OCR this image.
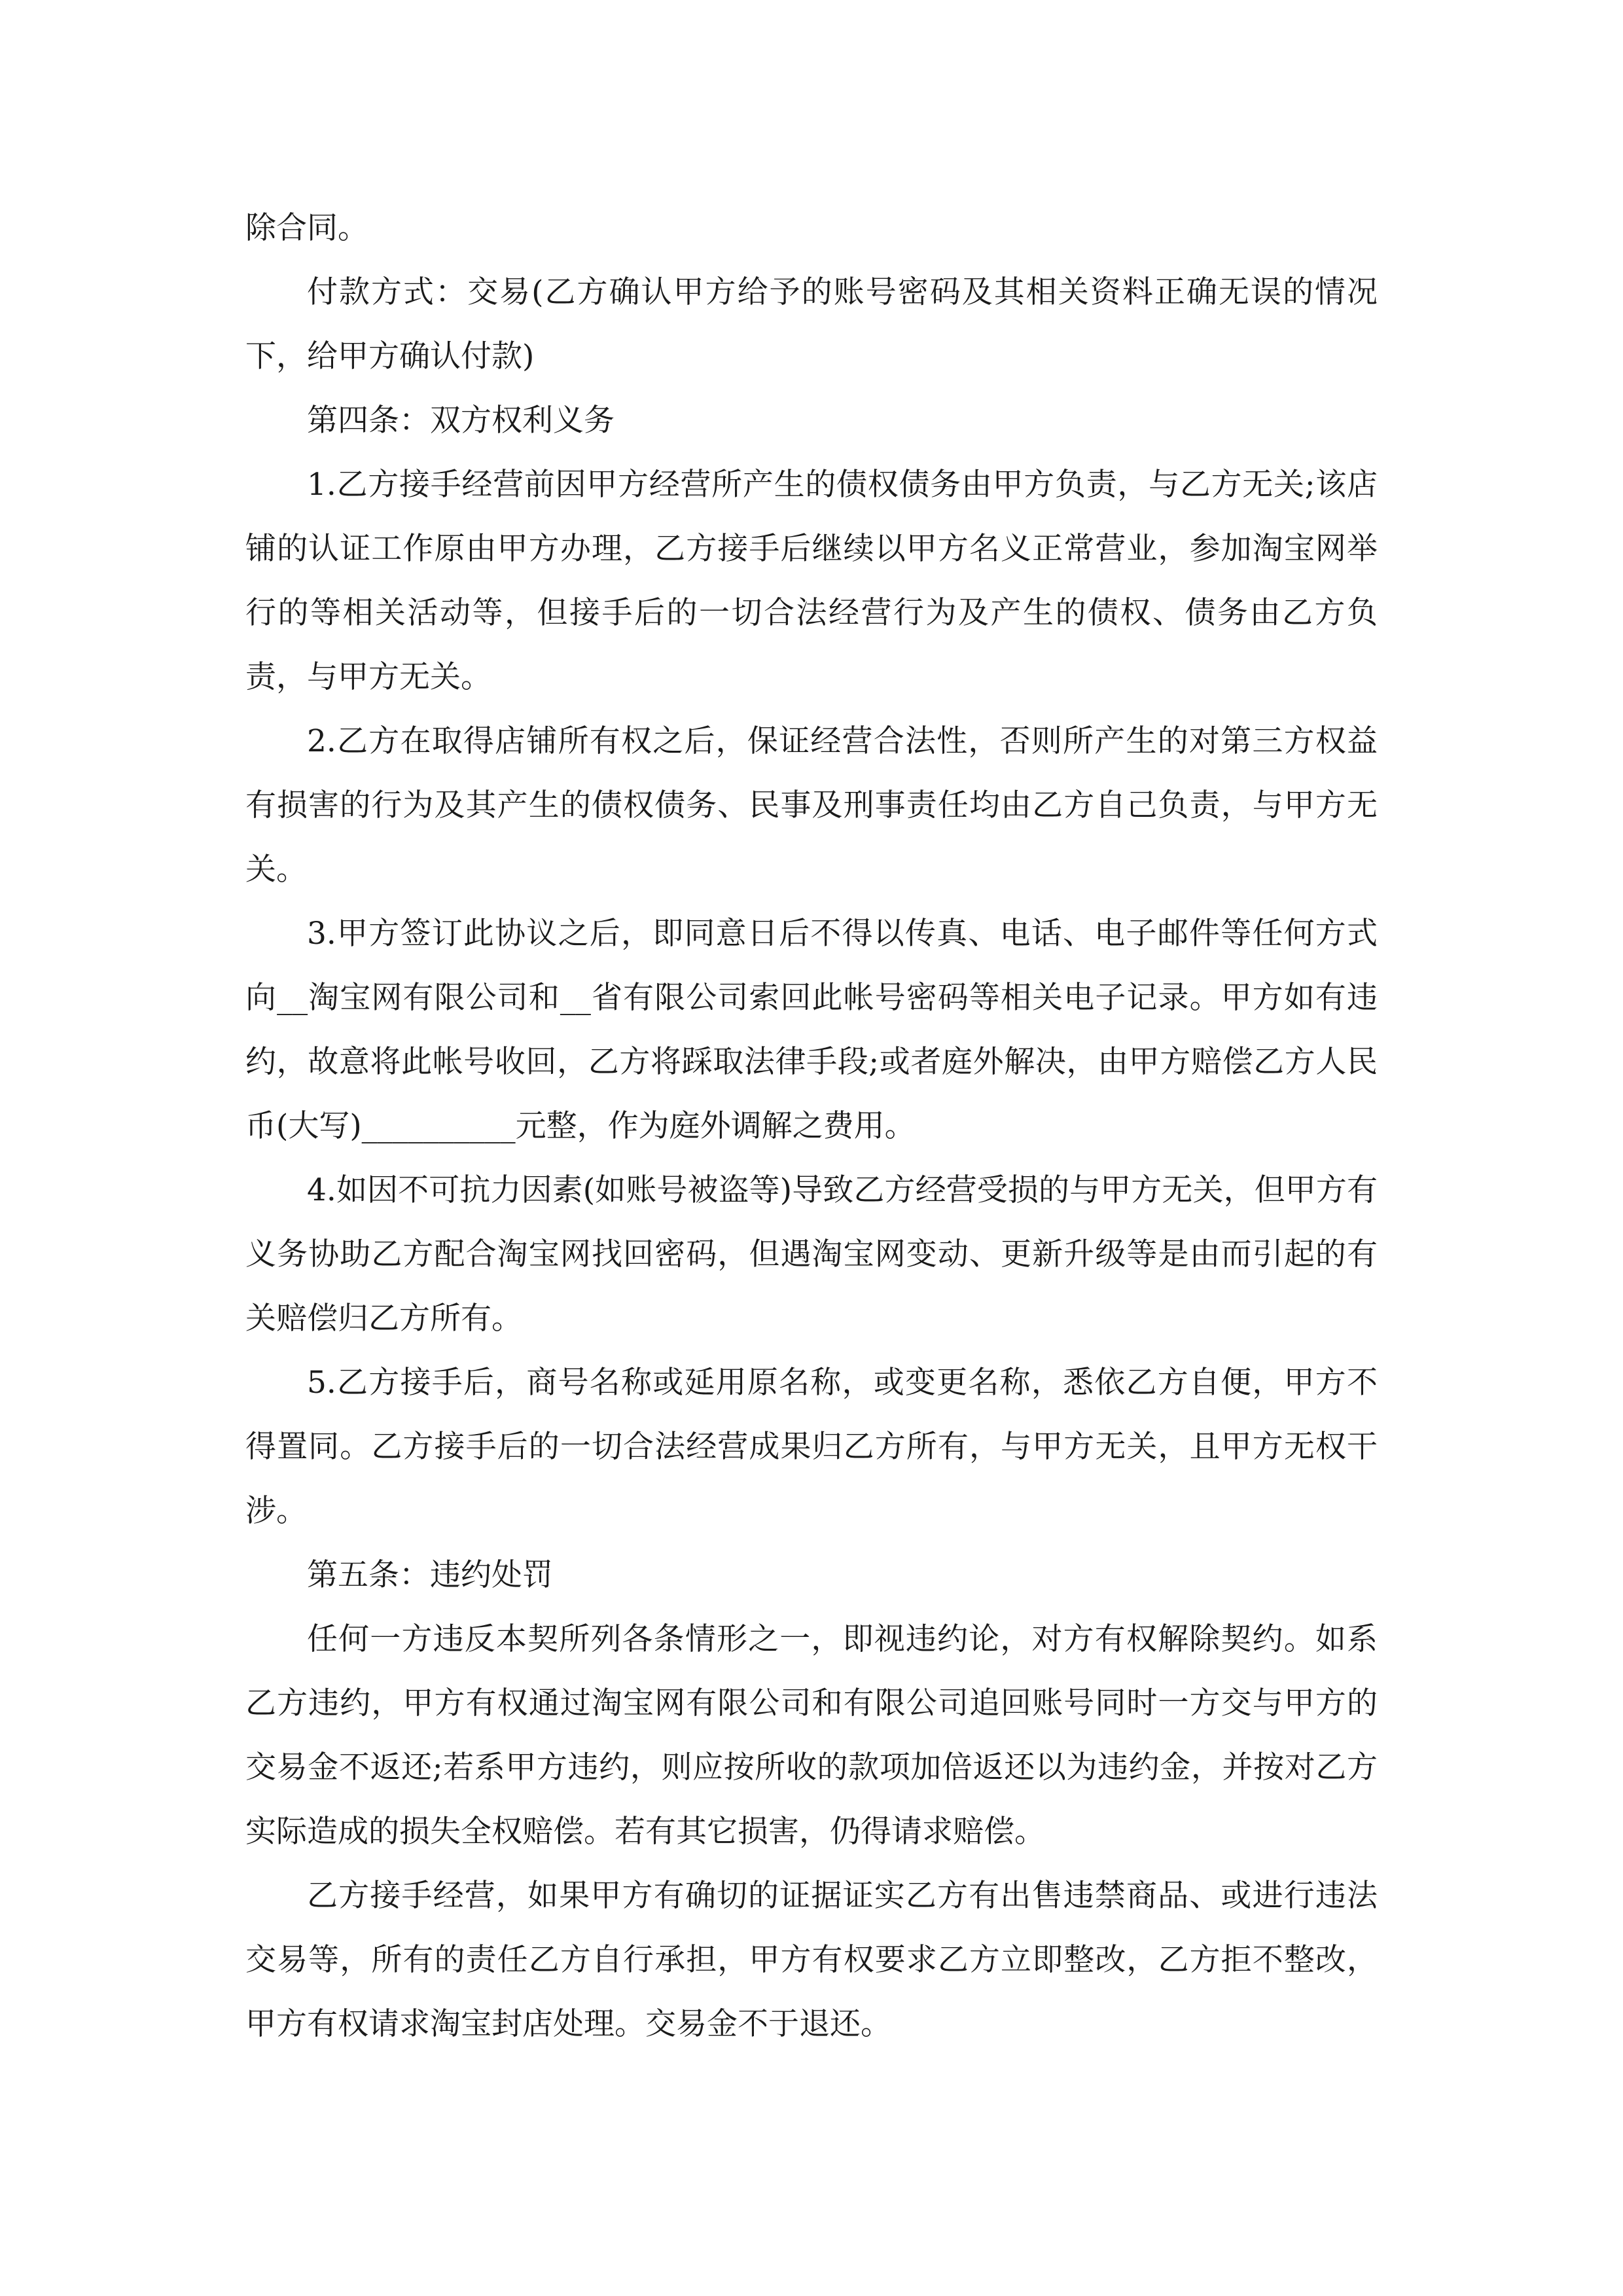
除合同。

付款方式：交易(乙方确认甲方给予的账号密码及其相关资料正确无误的情况下，给甲方确认付款)

第四条：双方权利义务

1.乙方接手经营前因甲方经营所产生的债权债务由甲方负责，与乙方无关;该店铺的认证工作原由甲方办理，乙方接手后继续以甲方名义正常营业，参加淘宝网举行的等相关活动等，但接手后的一切合法经营行为及产生的债权、债务由乙方负责，与甲方无关。

2.乙方在取得店铺所有权之后，保证经营合法性，否则所产生的对第三方权益有损害的行为及其产生的债权债务、民事及刑事责任均由乙方自己负责，与甲方无关。

3.甲方签订此协议之后，即同意日后不得以传真、电话、电子邮件等任何方式向__淘宝网有限公司和__省有限公司索回此帐号密码等相关电子记录。甲方如有违约，故意将此帐号收回，乙方将踩取法律手段;或者庭外解决，由甲方赔偿乙方人民币(大写)__________元整，作为庭外调解之费用。

4.如因不可抗力因素(如账号被盗等)导致乙方经营受损的与甲方无关，但甲方有义务协助乙方配合淘宝网找回密码，但遇淘宝网变动、更新升级等是由而引起的有关赔偿归乙方所有。

5.乙方接手后，商号名称或延用原名称，或变更名称，悉依乙方自便，甲方不得置同。乙方接手后的一切合法经营成果归乙方所有，与甲方无关，且甲方无权干涉。

第五条：违约处罚

任何一方违反本契所列各条情形之一，即视违约论，对方有权解除契约。如系乙方违约，甲方有权通过淘宝网有限公司和有限公司追回账号同时一方交与甲方的交易金不返还;若系甲方违约，则应按所收的款项加倍返还以为违约金，并按对乙方实际造成的损失全权赔偿。若有其它损害，仍得请求赔偿。

乙方接手经营，如果甲方有确切的证据证实乙方有出售违禁商品、或进行违法交易等，所有的责任乙方自行承担，甲方有权要求乙方立即整改，乙方拒不整改，甲方有权请求淘宝封店处理。交易金不于退还。
